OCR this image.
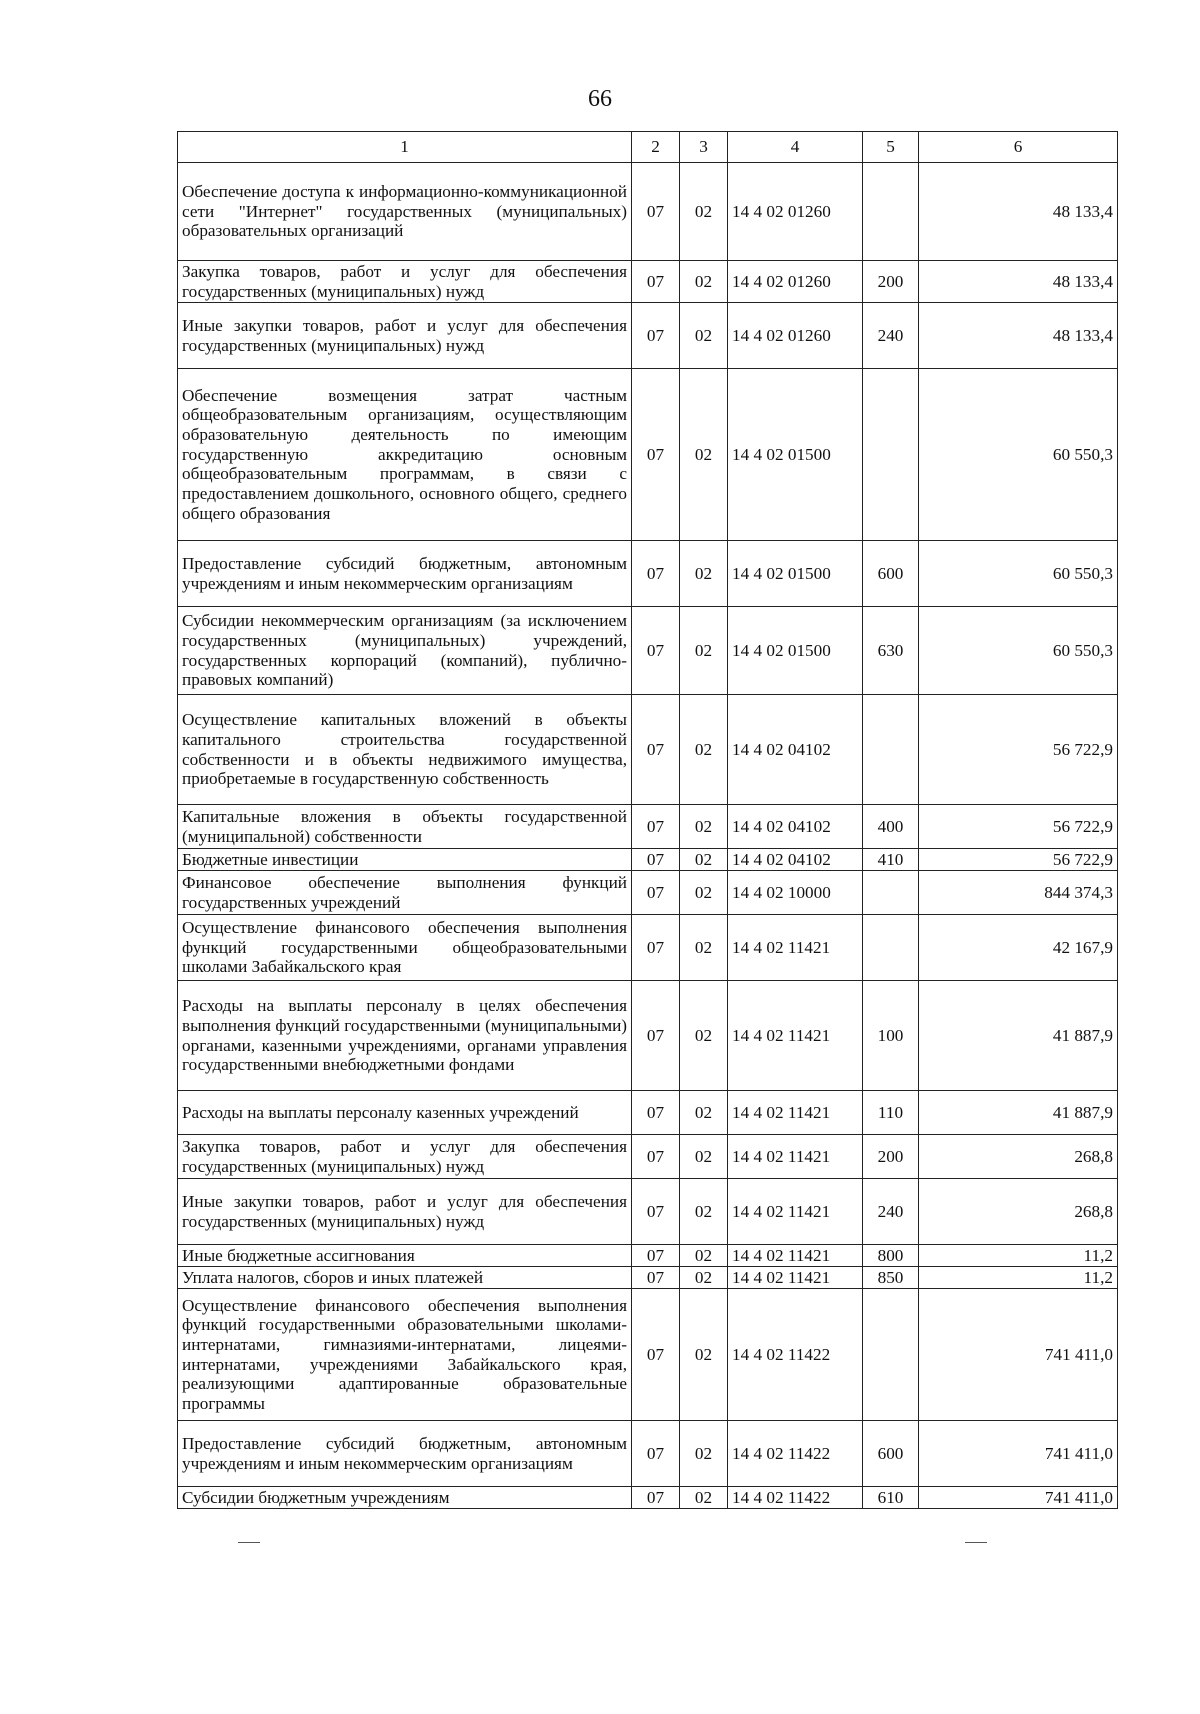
66
1	2	3	4	5	6
Обеспечение доступа к информационно-коммуникационной сети "Интернет" государственных (муниципальных) образовательных организаций	07	02	14 4 02 01260		48 133,4
Закупка товаров, работ и услуг для обеспечения государственных (муниципальных) нужд	07	02	14 4 02 01260	200	48 133,4
Иные закупки товаров, работ и услуг для обеспечения государственных (муниципальных) нужд	07	02	14 4 02 01260	240	48 133,4
Обеспечение возмещения затрат частным общеобразовательным организациям, осуществляющим образовательную деятельность по имеющим государственную аккредитацию основным общеобразовательным программам, в связи с предоставлением дошкольного, основного общего, среднего общего образования	07	02	14 4 02 01500		60 550,3
Предоставление субсидий бюджетным, автономным учреждениям и иным некоммерческим организациям	07	02	14 4 02 01500	600	60 550,3
Субсидии некоммерческим организациям (за исключением государственных (муниципальных) учреждений, государственных корпораций (компаний), публично-правовых компаний)	07	02	14 4 02 01500	630	60 550,3
Осуществление капитальных вложений в объекты капитального строительства государственной собственности и в объекты недвижимого имущества, приобретаемые в государственную собственность	07	02	14 4 02 04102		56 722,9
Капитальные вложения в объекты государственной (муниципальной) собственности	07	02	14 4 02 04102	400	56 722,9
Бюджетные инвестиции	07	02	14 4 02 04102	410	56 722,9
Финансовое обеспечение выполнения функций государственных учреждений	07	02	14 4 02 10000		844 374,3
Осуществление финансового обеспечения выполнения функций государственными общеобразовательными школами Забайкальского края	07	02	14 4 02 11421		42 167,9
Расходы на выплаты персоналу в целях обеспечения выполнения функций государственными (муниципальными) органами, казенными учреждениями, органами управления государственными внебюджетными фондами	07	02	14 4 02 11421	100	41 887,9
Расходы на выплаты персоналу казенных учреждений	07	02	14 4 02 11421	110	41 887,9
Закупка товаров, работ и услуг для обеспечения государственных (муниципальных) нужд	07	02	14 4 02 11421	200	268,8
Иные закупки товаров, работ и услуг для обеспечения государственных (муниципальных) нужд	07	02	14 4 02 11421	240	268,8
Иные бюджетные ассигнования	07	02	14 4 02 11421	800	11,2
Уплата налогов, сборов и иных платежей	07	02	14 4 02 11421	850	11,2
Осуществление финансового обеспечения выполнения функций государственными образовательными школами-интернатами, гимназиями-интернатами, лицеями-интернатами, учреждениями Забайкальского края, реализующими адаптированные образовательные программы	07	02	14 4 02 11422		741 411,0
Предоставление субсидий бюджетным, автономным учреждениям и иным некоммерческим организациям	07	02	14 4 02 11422	600	741 411,0
Субсидии бюджетным учреждениям	07	02	14 4 02 11422	610	741 411,0
